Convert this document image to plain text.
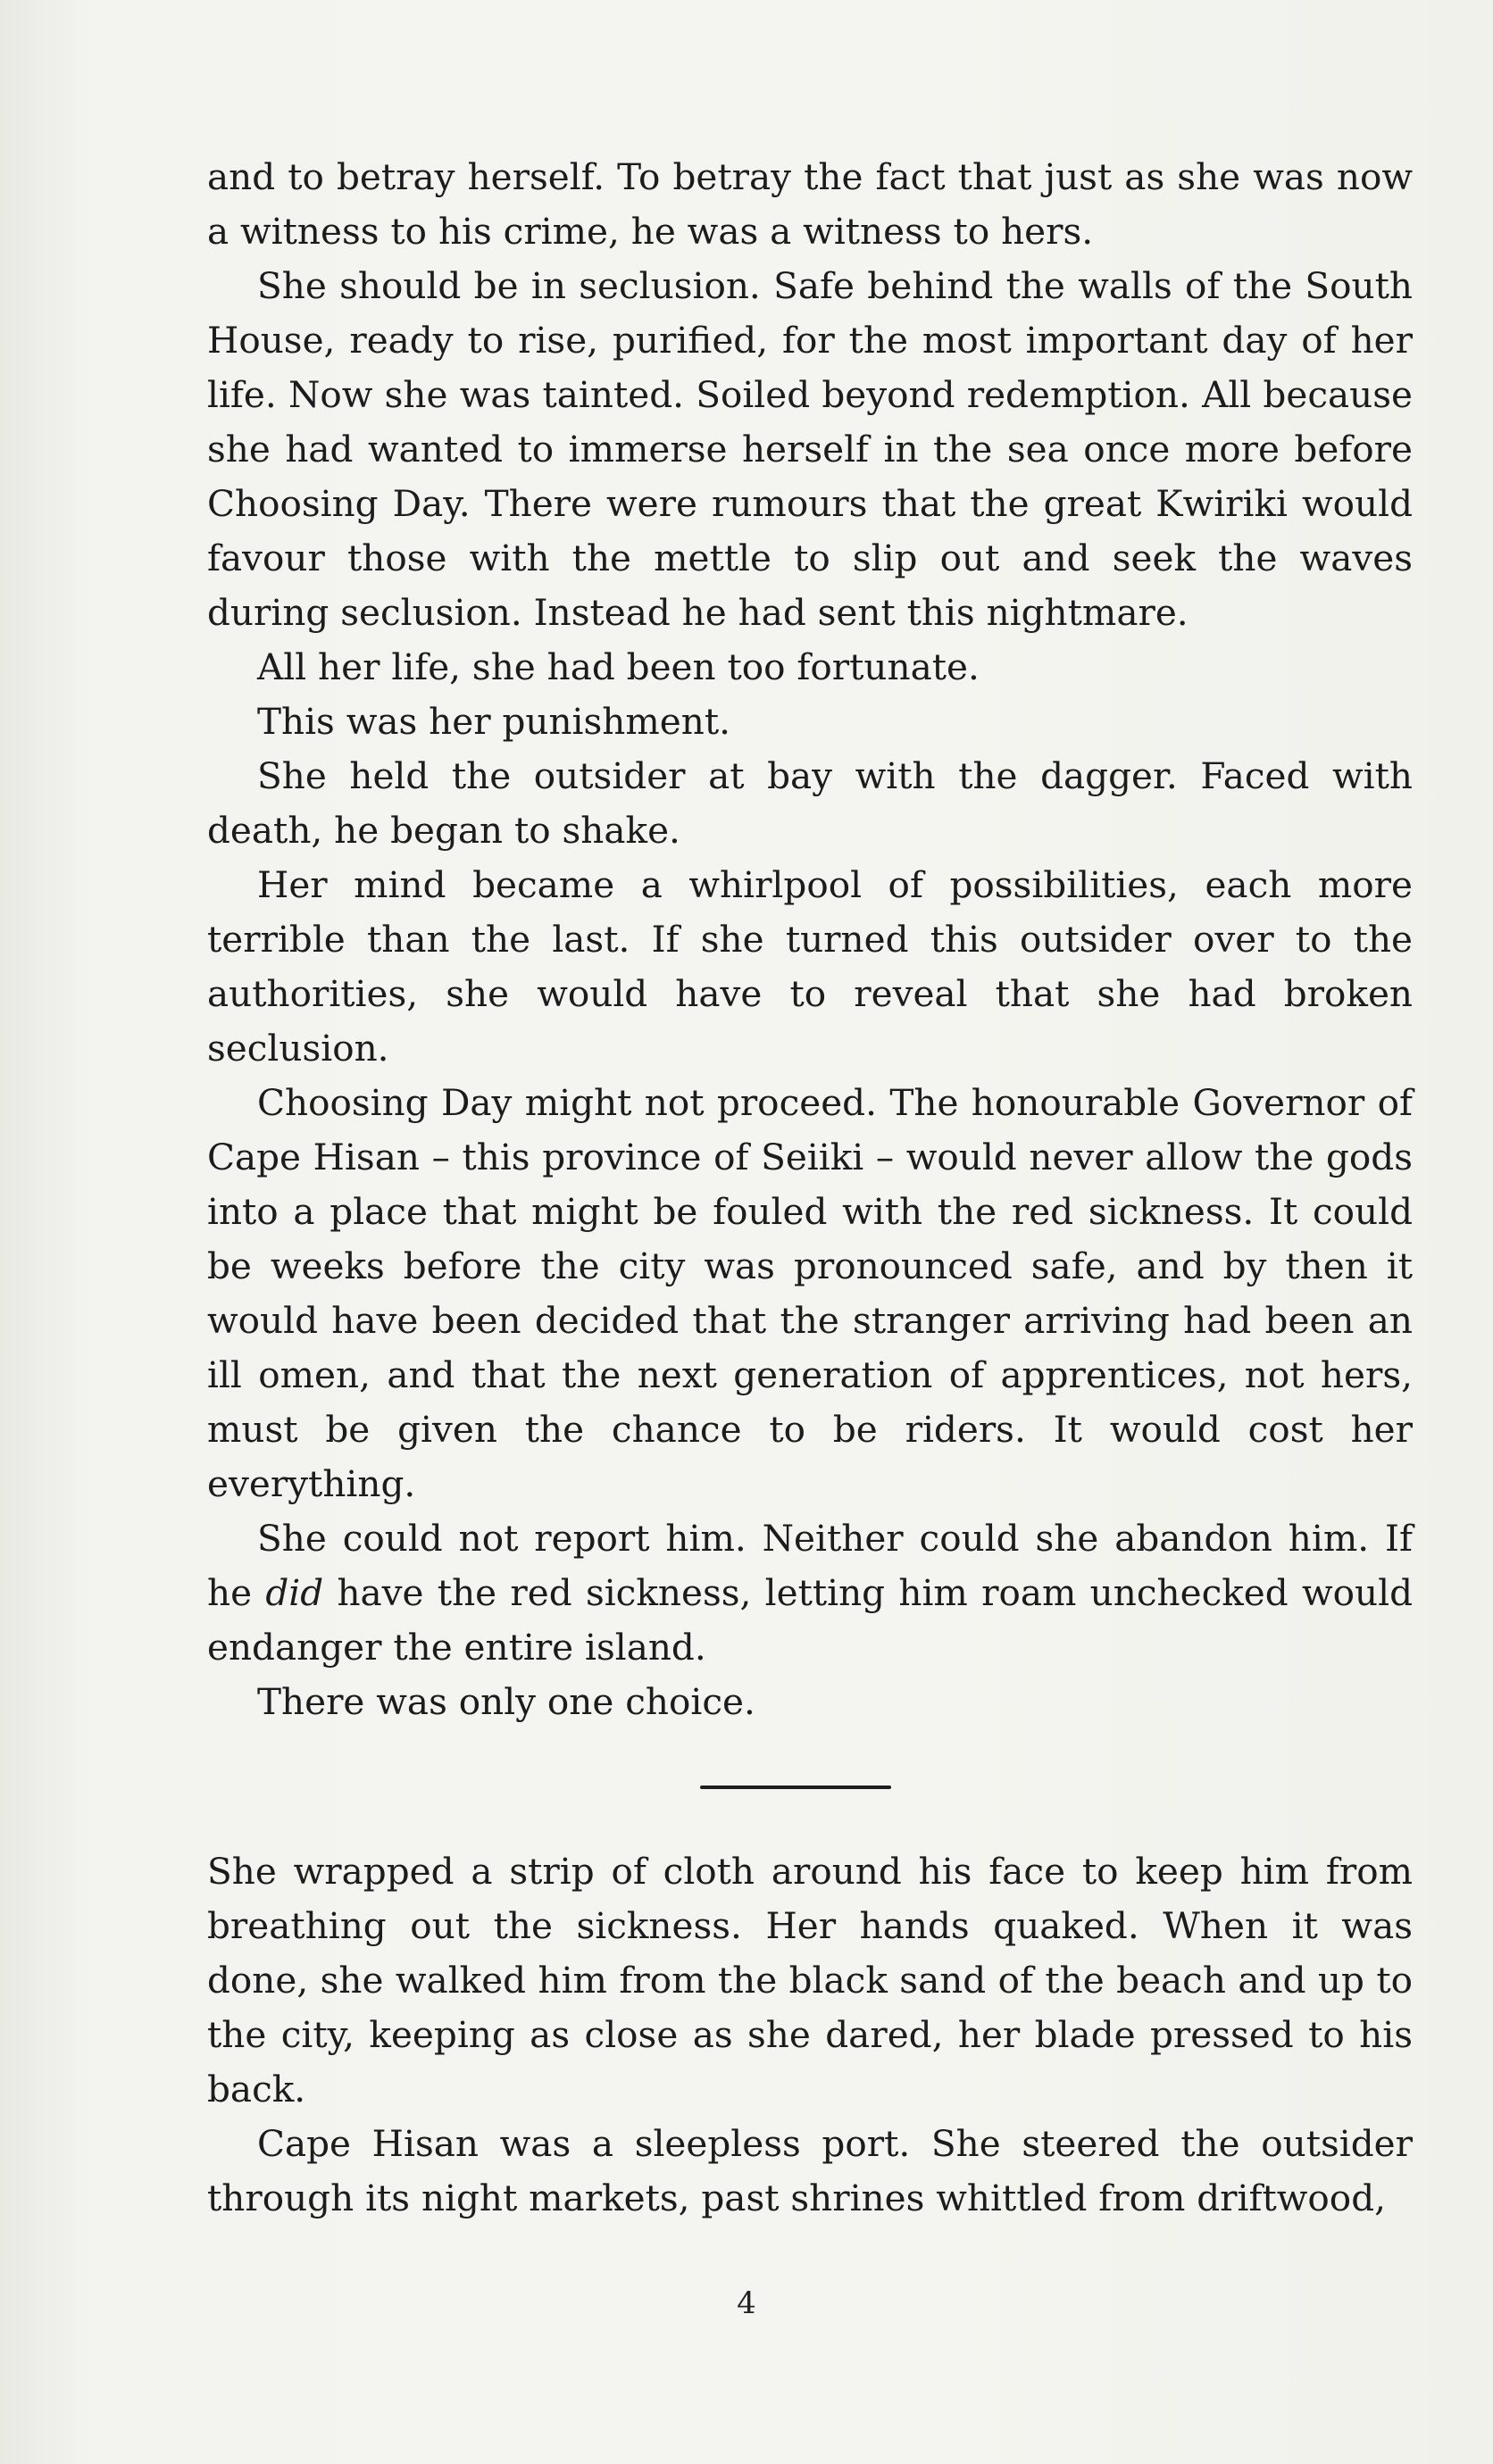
and to betray herself. To betray the fact that just as she was now a witness to his crime, he was a witness to hers.

She should be in seclusion. Safe behind the walls of the South House, ready to rise, purified, for the most important day of her life. Now she was tainted. Soiled beyond redemption. All because she had wanted to immerse herself in the sea once more before Choosing Day. There were rumours that the great Kwiriki would favour those with the mettle to slip out and seek the waves during seclusion. Instead he had sent this nightmare.

All her life, she had been too fortunate.

This was her punishment.

She held the outsider at bay with the dagger. Faced with death, he began to shake.

Her mind became a whirlpool of possibilities, each more terrible than the last. If she turned this outsider over to the authorities, she would have to reveal that she had broken seclusion.

Choosing Day might not proceed. The honourable Governor of Cape Hisan – this province of Seiiki – would never allow the gods into a place that might be fouled with the red sickness. It could be weeks before the city was pronounced safe, and by then it would have been decided that the stranger arriving had been an ill omen, and that the next generation of apprentices, not hers, must be given the chance to be riders. It would cost her everything.

She could not report him. Neither could she abandon him. If he did have the red sickness, letting him roam unchecked would endanger the entire island.

There was only one choice.

She wrapped a strip of cloth around his face to keep him from breathing out the sickness. Her hands quaked. When it was done, she walked him from the black sand of the beach and up to the city, keeping as close as she dared, her blade pressed to his back.

Cape Hisan was a sleepless port. She steered the outsider through its night markets, past shrines whittled from driftwood,

4
